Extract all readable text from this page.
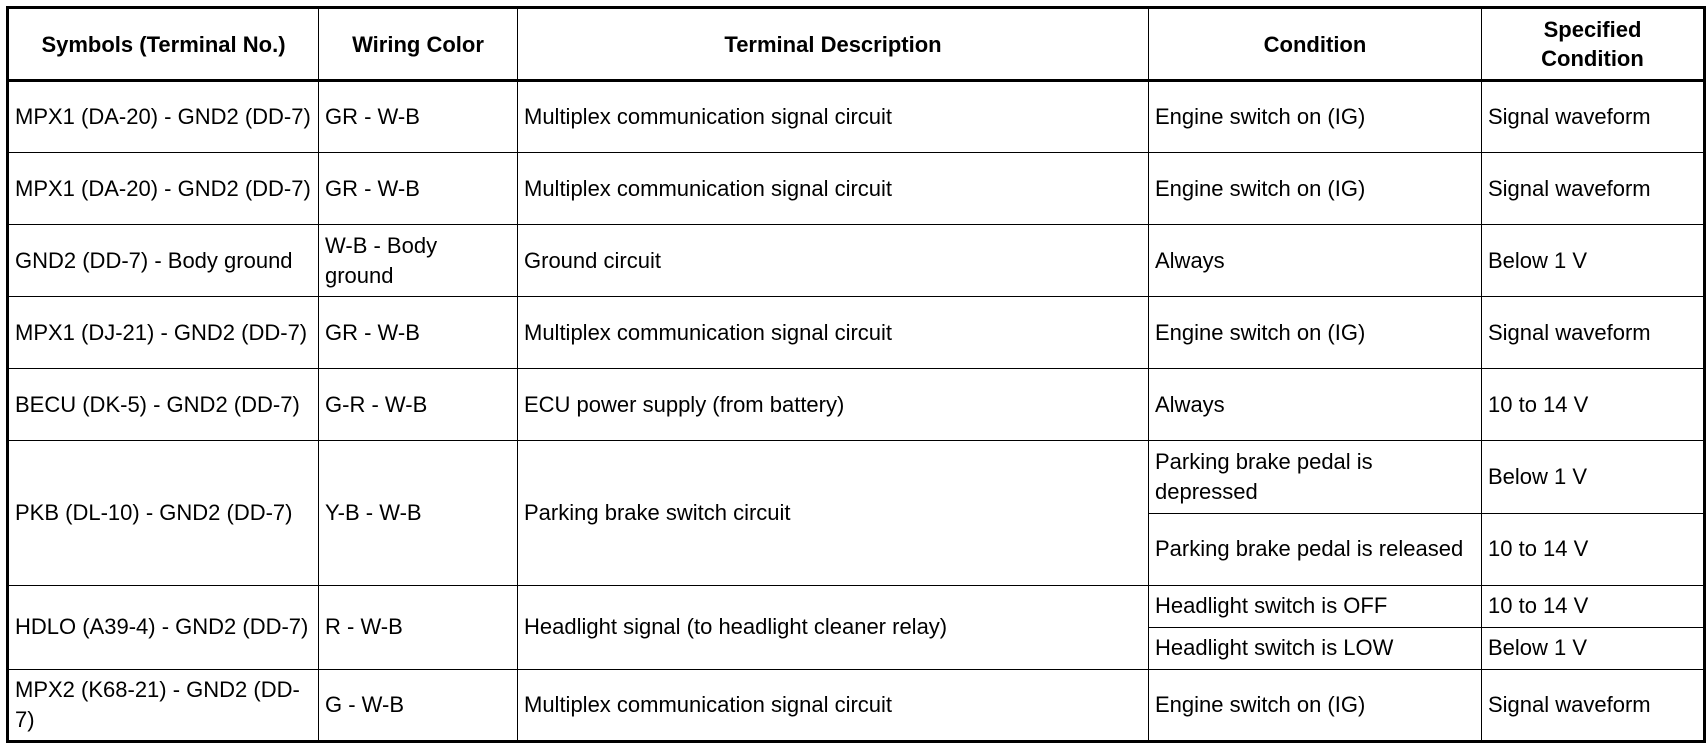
Symbols (Terminal No.)	Wiring Color	Terminal Description	Condition	Specified
Condition
MPX1 (DA-20) - GND2 (DD-7)	GR - W-B	Multiplex communication signal circuit	Engine switch on (IG)	Signal waveform
MPX1 (DA-20) - GND2 (DD-7)	GR - W-B	Multiplex communication signal circuit	Engine switch on (IG)	Signal waveform
GND2 (DD-7) - Body ground	W-B - Body ground	Ground circuit	Always	Below 1 V
MPX1 (DJ-21) - GND2 (DD-7)	GR - W-B	Multiplex communication signal circuit	Engine switch on (IG)	Signal waveform
BECU (DK-5) - GND2 (DD-7)	G-R - W-B	ECU power supply (from battery)	Always	10 to 14 V
PKB (DL-10) - GND2 (DD-7)	Y-B - W-B	Parking brake switch circuit	Parking brake pedal is depressed	Below 1 V
			Parking brake pedal is released	10 to 14 V
HDLO (A39-4) - GND2 (DD-7)	R - W-B	Headlight signal (to headlight cleaner relay)	Headlight switch is OFF	10 to 14 V
			Headlight switch is LOW	Below 1 V
MPX2 (K68-21) - GND2 (DD-7)	G - W-B	Multiplex communication signal circuit	Engine switch on (IG)	Signal waveform
